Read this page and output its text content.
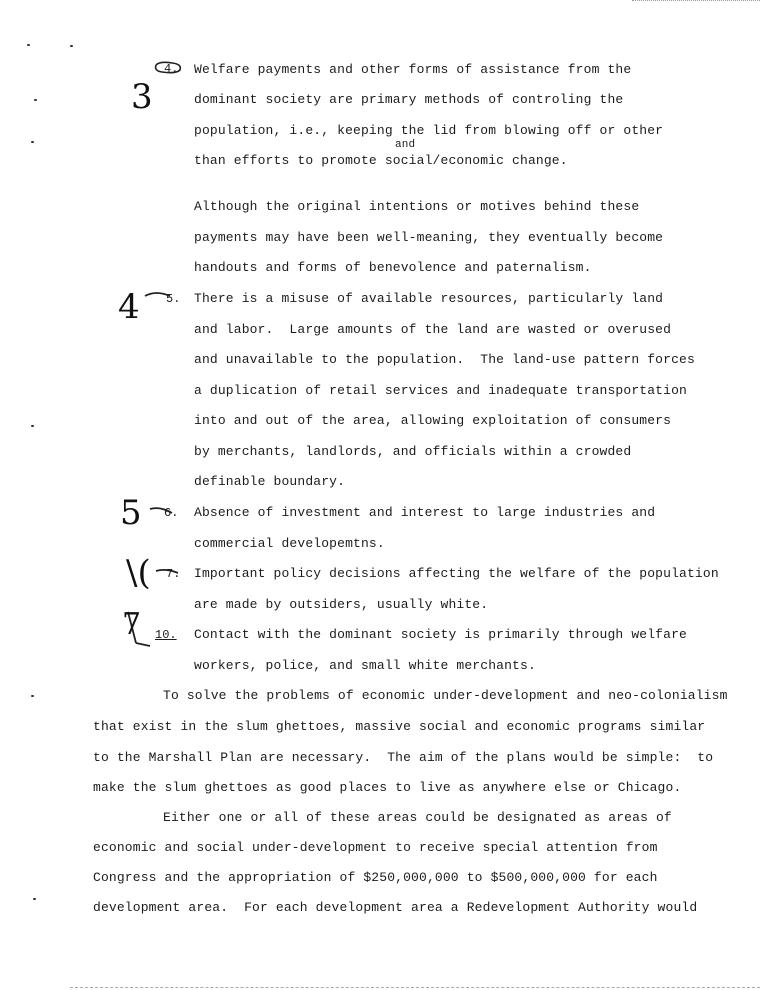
3
4
5
\(
7
4.
5.
6.
7.
10.
Welfare payments and other forms of assistance from the
dominant society are primary methods of controling the
population, i.e., keeping the lid from blowing off or other
and
than efforts to promote social/economic change.
Although the original intentions or motives behind these
payments may have been well-meaning, they eventually become
handouts and forms of benevolence and paternalism.
There is a misuse of available resources, particularly land
and labor.  Large amounts of the land are wasted or overused
and unavailable to the population.  The land-use pattern forces
a duplication of retail services and inadequate transportation
into and out of the area, allowing exploitation of consumers
by merchants, landlords, and officials within a crowded
definable boundary.
Absence of investment and interest to large industries and
commercial developemtns.
Important policy decisions affecting the welfare of the population
are made by outsiders, usually white.
Contact with the dominant society is primarily through welfare
workers, police, and small white merchants.
To solve the problems of economic under-development and neo-colonialism
that exist in the slum ghettoes, massive social and economic programs similar
to the Marshall Plan are necessary.  The aim of the plans would be simple:  to
make the slum ghettoes as good places to live as anywhere else or Chicago.
Either one or all of these areas could be designated as areas of
economic and social under-development to receive special attention from
Congress and the appropriation of $250,000,000 to $500,000,000 for each
development area.  For each development area a Redevelopment Authority would
